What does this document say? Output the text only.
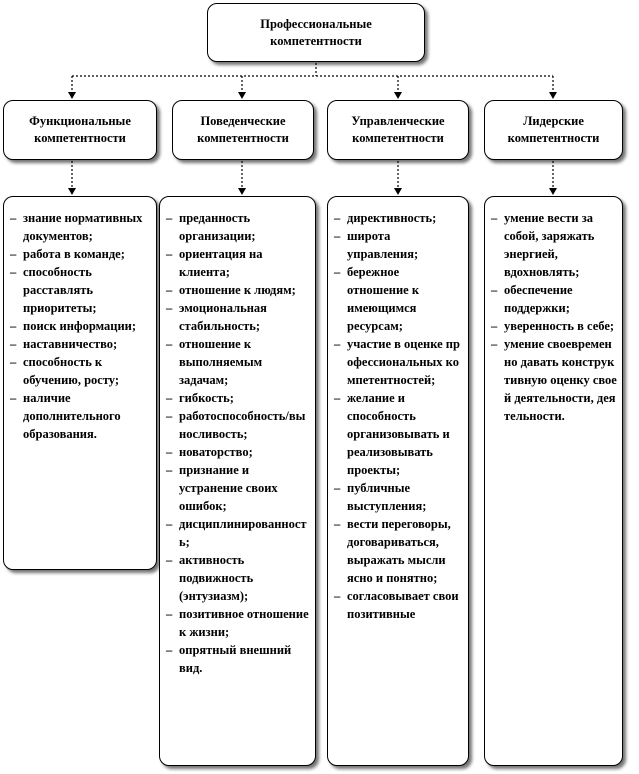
Профессиональные
компетентности
Функциональные
компетентности
Поведенческие
компетентности
Управленческие
компетентности
Лидерские
компетентности
– знание нормативных документов;
– работа в команде;
– способность расставлять приоритеты;
– поиск информации;
– наставничество;
– способность к обучению, росту;
– наличие дополнительного образования.
– преданность организации;
– ориентация на клиента;
– отношение к людям;
– эмоциональная стабильность;
– отношение к выполняемым задачам;
– гибкость;
– работоспособность/выносливость;
– новаторство;
– признание и устранение своих ошибок;
– дисциплинированность;
– активность подвижность (энтузиазм);
– позитивное отношение к жизни;
– опрятный внешний вид.
– директивность;
– широта управления;
– бережное отношение к имеющимся ресурсам;
– участие в оценке профессиональных компетентностей;
– желание и способность организовывать и реализовывать проекты;
– публичные выступления;
– вести переговоры, договариваться, выражать мысли ясно и понятно;
– согласовывает свои позитивные
– умение вести за собой, заряжать энергией, вдохновлять;
– обеспечение поддержки;
– уверенность в себе;
– умение своевременно давать конструктивную оценку своей деятельности, деятельности.
